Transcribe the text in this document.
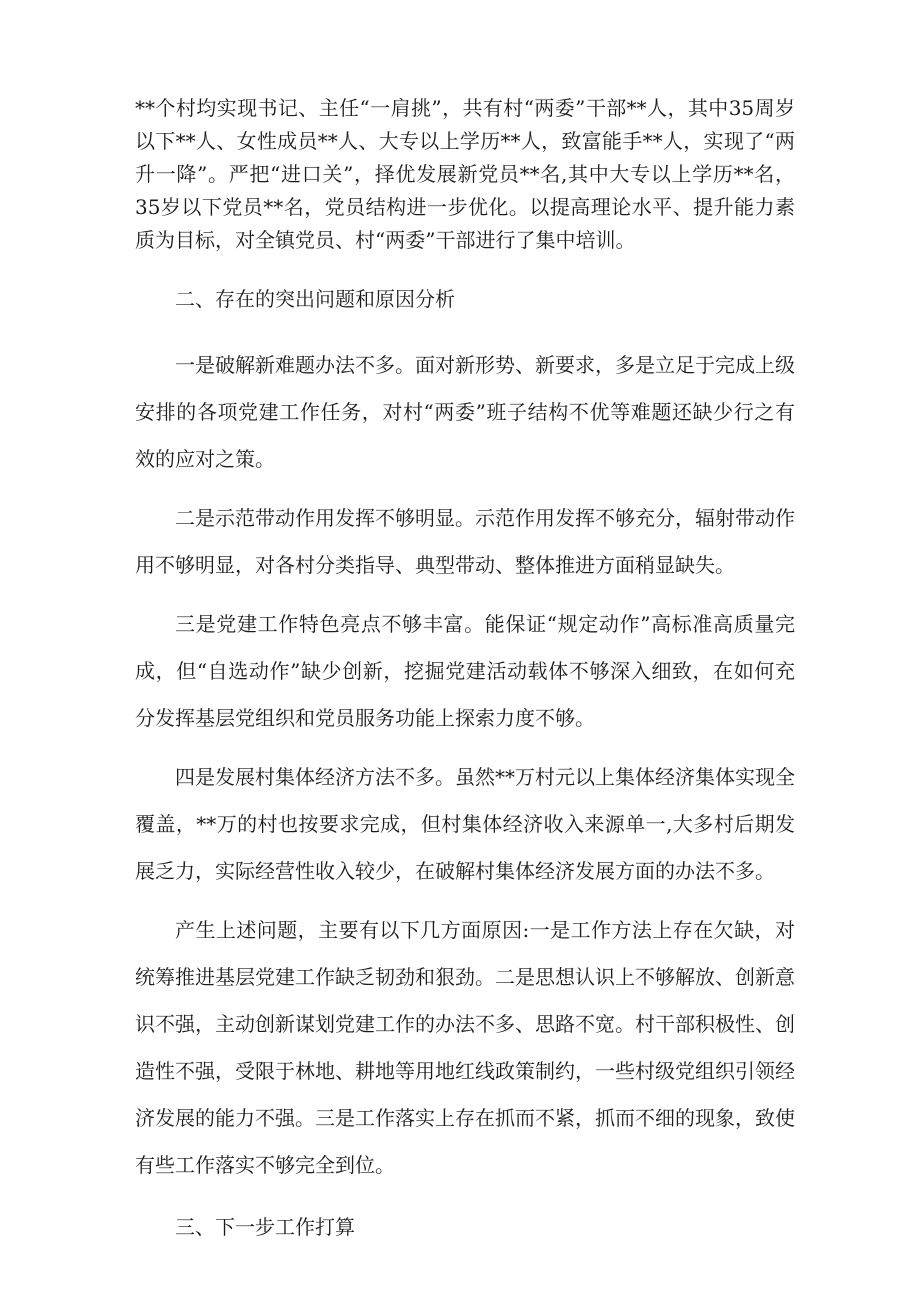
**个村均实现书记、主任“一肩挑”，共有村“两委”干部**人，其中35周岁以下**人、女性成员**人、大专以上学历**人，致富能手**人，实现了“两升一降”。严把“进口关”，择优发展新党员**名,其中大专以上学历**名，35岁以下党员**名，党员结构进一步优化。以提高理论水平、提升能力素质为目标，对全镇党员、村“两委”干部进行了集中培训。

二、存在的突出问题和原因分析

一是破解新难题办法不多。面对新形势、新要求，多是立足于完成上级安排的各项党建工作任务，对村“两委”班子结构不优等难题还缺少行之有效的应对之策。

二是示范带动作用发挥不够明显。示范作用发挥不够充分，辐射带动作用不够明显，对各村分类指导、典型带动、整体推进方面稍显缺失。

三是党建工作特色亮点不够丰富。能保证“规定动作”高标准高质量完成，但“自选动作”缺少创新，挖掘党建活动载体不够深入细致，在如何充分发挥基层党组织和党员服务功能上探索力度不够。

四是发展村集体经济方法不多。虽然**万村元以上集体经济集体实现全覆盖，**万的村也按要求完成，但村集体经济收入来源单一,大多村后期发展乏力，实际经营性收入较少，在破解村集体经济发展方面的办法不多。

产生上述问题，主要有以下几方面原因:一是工作方法上存在欠缺，对统筹推进基层党建工作缺乏韧劲和狠劲。二是思想认识上不够解放、创新意识不强，主动创新谋划党建工作的办法不多、思路不宽。村干部积极性、创造性不强，受限于林地、耕地等用地红线政策制约，一些村级党组织引领经济发展的能力不强。三是工作落实上存在抓而不紧，抓而不细的现象，致使有些工作落实不够完全到位。

三、下一步工作打算
